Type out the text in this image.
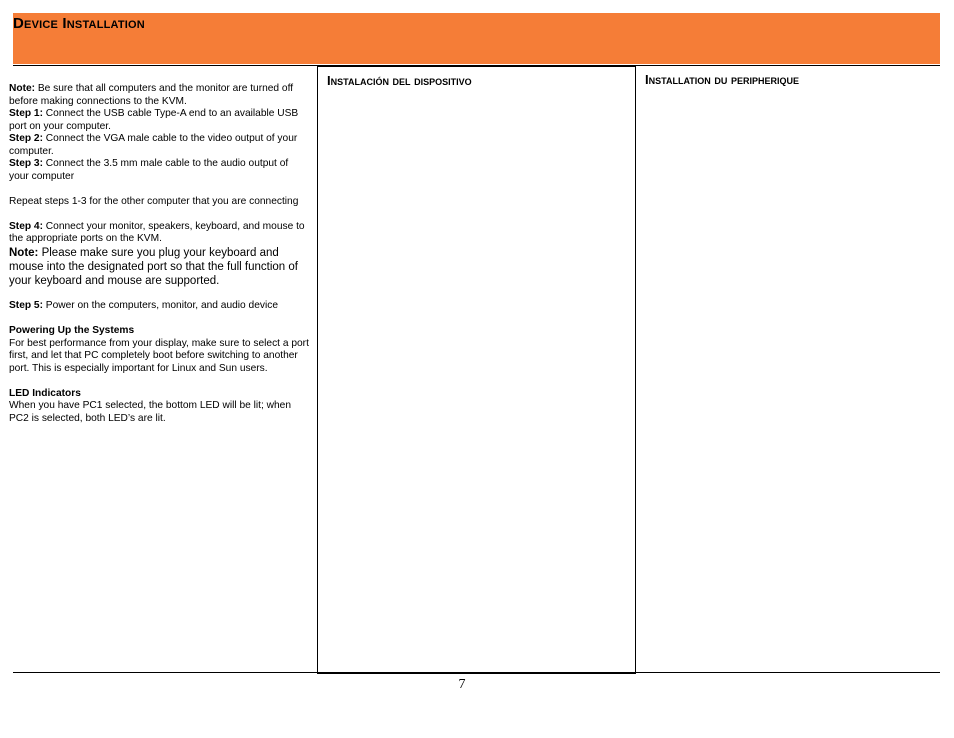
Device Installation

Note: Be sure that all computers and the monitor are turned off before making connections to the KVM.

Step 1: Connect the USB cable Type-A end to an available USB port on your computer.

Step 2: Connect the VGA male cable to the video output of your computer.

Step 3: Connect the 3.5 mm male cable to the audio output of your computer

Repeat steps 1-3 for the other computer that you are connecting

Step 4: Connect your monitor, speakers, keyboard, and mouse to the appropriate ports on the KVM.

Note: Please make sure you plug your keyboard and mouse into the designated port so that the full function of your keyboard and mouse are supported.

Step 5: Power on the computers, monitor, and audio device

Powering Up the Systems

For best performance from your display, make sure to select a port first, and let that PC completely boot before switching to another port. This is especially important for Linux and Sun users.

LED Indicators

When you have PC1 selected, the bottom LED will be lit; when PC2 is selected, both LED’s are lit.

Instalación del dispositivo	Installation du peripherique
7
